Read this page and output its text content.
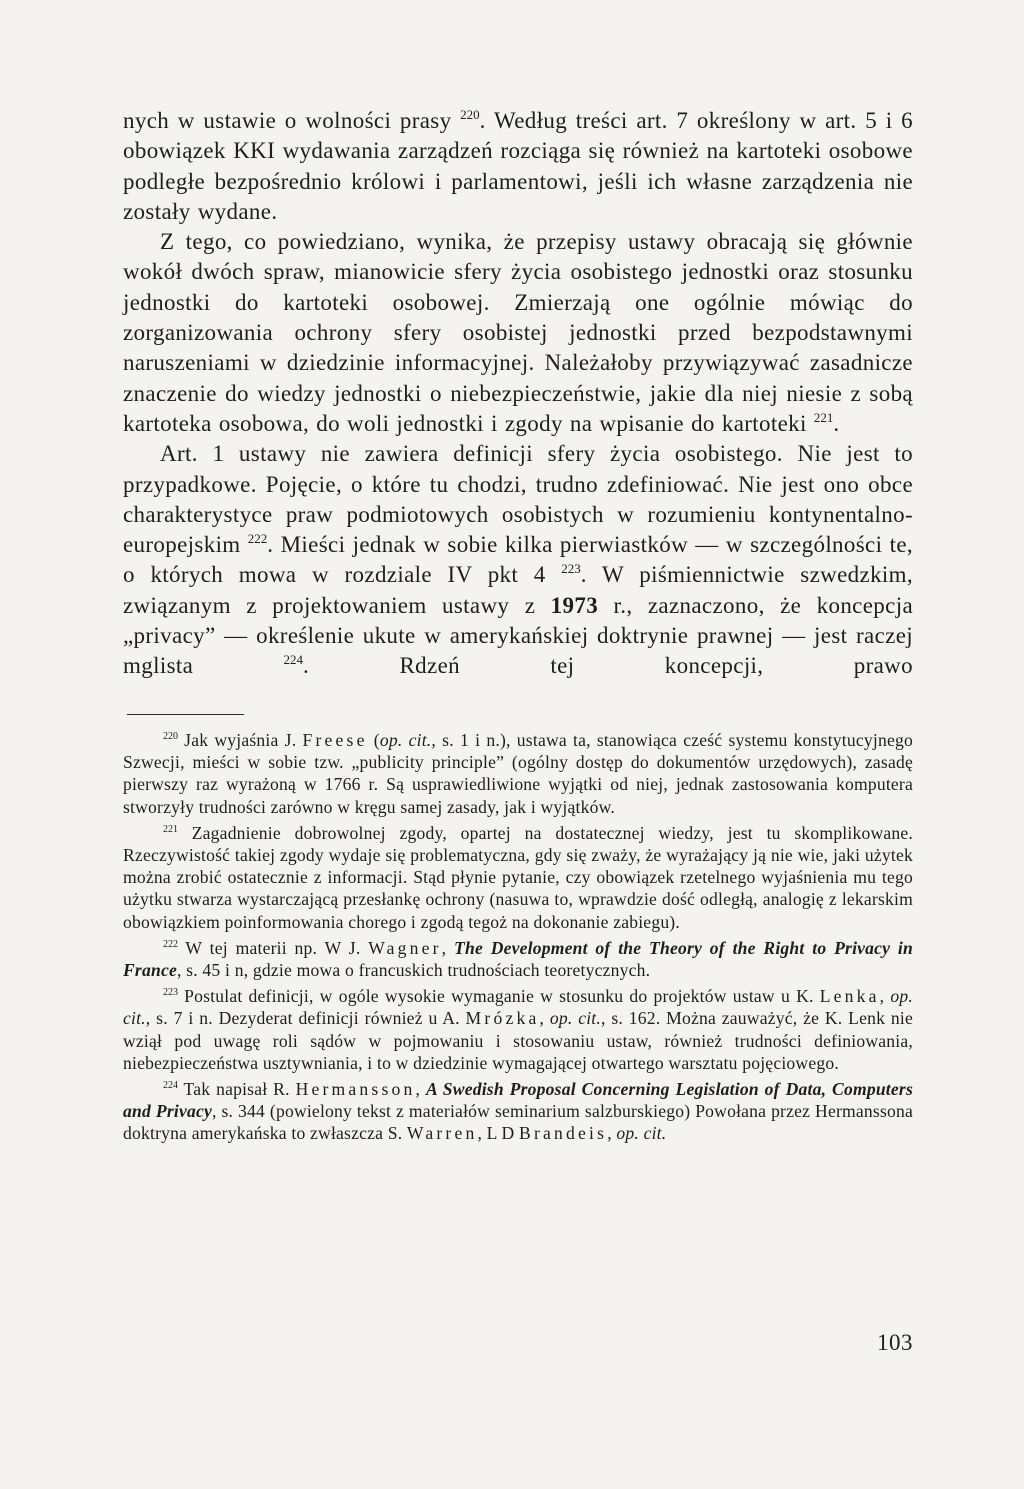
nych w ustawie o wolności prasy $^{220}$. Według treści art. 7 określony w art. 5 i 6 obowiązek KKI wydawania zarządzeń rozciąga się również na kartoteki osobowe podległe bezpośrednio królowi i parlamentowi, jeśli ich własne zarządzenia nie zostały wydane.

Z tego, co powiedziano, wynika, że przepisy ustawy obracają się głównie wokół dwóch spraw, mianowicie sfery życia osobistego jednostki oraz stosunku jednostki do kartoteki osobowej. Zmierzają one ogólnie mówiąc do zorganizowania ochrony sfery osobistej jednostki przed bezpodstawnymi naruszeniami w dziedzinie informacyjnej. Należałoby przywiązywać zasadnicze znaczenie do wiedzy jednostki o niebezpieczeństwie, jakie dla niej niesie z sobą kartoteka osobowa, do woli jednostki i zgody na wpisanie do kartoteki $^{221}$.

Art. 1 ustawy nie zawiera definicji sfery życia osobistego. Nie jest to przypadkowe. Pojęcie, o które tu chodzi, trudno zdefiniować. Nie jest ono obce charakterystyce praw podmiotowych osobistych w rozumieniu kontynentalno-europejskim $^{222}$. Mieści jednak w sobie kilka pierwiastków — w szczególności te, o których mowa w rozdziale IV pkt 4 $^{223}$. W piśmiennictwie szwedzkim, związanym z projektowaniem ustawy z 1973 r., zaznaczono, że koncepcja „privacy” — określenie ukute w amerykańskiej doktrynie prawnej — jest raczej mglista $^{224}$. Rdzeń tej koncepcji, prawo

$^{220}$ Jak wyjaśnia J. Freese (op. cit., s. 1 i n.), ustawa ta, stanowiąca cześć systemu konstytucyjnego Szwecji, mieści w sobie tzw. „publicity principle” (ogólny dostęp do dokumentów urzędowych), zasadę pierwszy raz wyrażoną w 1766 r. Są usprawiedliwione wyjątki od niej, jednak zastosowania komputera stworzyły trudności zarówno w kręgu samej zasady, jak i wyjątków.

$^{221}$ Zagadnienie dobrowolnej zgody, opartej na dostatecznej wiedzy, jest tu skomplikowane. Rzeczywistość takiej zgody wydaje się problematyczna, gdy się zważy, że wyrażający ją nie wie, jaki użytek można zrobić ostatecznie z informacji. Stąd płynie pytanie, czy obowiązek rzetelnego wyjaśnienia mu tego użytku stwarza wystarczającą przesłankę ochrony (nasuwa to, wprawdzie dość odległą, analogię z lekarskim obowiązkiem poinformowania chorego i zgodą tegoż na dokonanie zabiegu).

$^{222}$ W tej materii np. W J. Wagner, The Development of the Theory of the Right to Privacy in France, s. 45 i n, gdzie mowa o francuskich trudnościach teoretycznych.

$^{223}$ Postulat definicji, w ogóle wysokie wymaganie w stosunku do projektów ustaw u K. Lenka, op. cit., s. 7 i n. Dezyderat definicji również u A. Mrózka, op. cit., s. 162. Można zauważyć, że K. Lenk nie wziął pod uwagę roli sądów w pojmowaniu i stosowaniu ustaw, również trudności definiowania, niebezpieczeństwa usztywniania, i to w dziedzinie wymagającej otwartego warsztatu pojęciowego.

$^{224}$ Tak napisał R. Hermansson, A Swedish Proposal Concerning Legislation of Data, Computers and Privacy, s. 344 (powielony tekst z materiałów seminarium salzburskiego) Powołana przez Hermanssona doktryna amerykańska to zwłaszcza S. Warren, L D Brandeis, op. cit.

103
